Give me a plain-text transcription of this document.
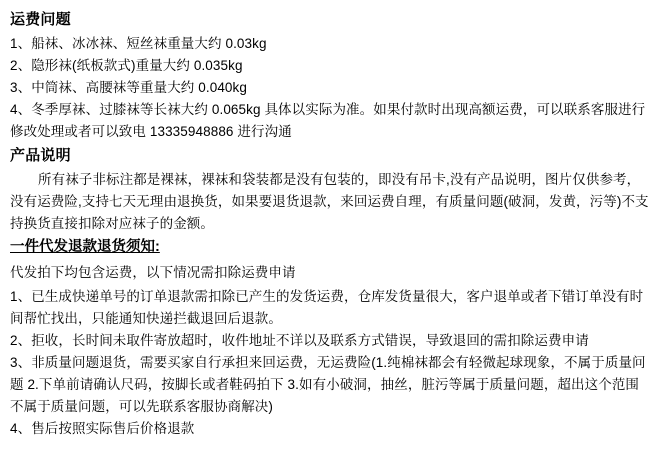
运费问题
1、船袜、冰冰袜、短丝袜重量大约 0.03kg
2、隐形袜(纸板款式)重量大约 0.035kg
3、中筒袜、高腰袜等重量大约 0.040kg
4、冬季厚袜、过膝袜等长袜大约 0.065kg 具体以实际为准。如果付款时出现高额运费，可以联系客服进行修改处理或者可以致电 13335948886 进行沟通
产品说明
所有袜子非标注都是裸袜，裸袜和袋装都是没有包装的，即没有吊卡,没有产品说明，图片仅供参考，没有运费险,支持七天无理由退换货，如果要退货退款，来回运费自理，有质量问题(破洞，发黄，污等)不支持换货直接扣除对应袜子的金额。
一件代发退款退货须知:
代发拍下均包含运费，以下情况需扣除运费申请
1、已生成快递单号的订单退款需扣除已产生的发货运费，仓库发货量很大，客户退单或者下错订单没有时间帮忙找出，只能通知快递拦截退回后退款。
2、拒收，长时间未取件寄放超时，收件地址不详以及联系方式错误，导致退回的需扣除运费申请
3、非质量问题退货，需要买家自行承担来回运费，无运费险(1.纯棉袜都会有轻微起球现象，不属于质量问题 2.下单前请确认尺码，按脚长或者鞋码拍下 3.如有小破洞，抽丝，脏污等属于质量问题，超出这个范围不属于质量问题，可以先联系客服协商解决)
4、售后按照实际售后价格退款
